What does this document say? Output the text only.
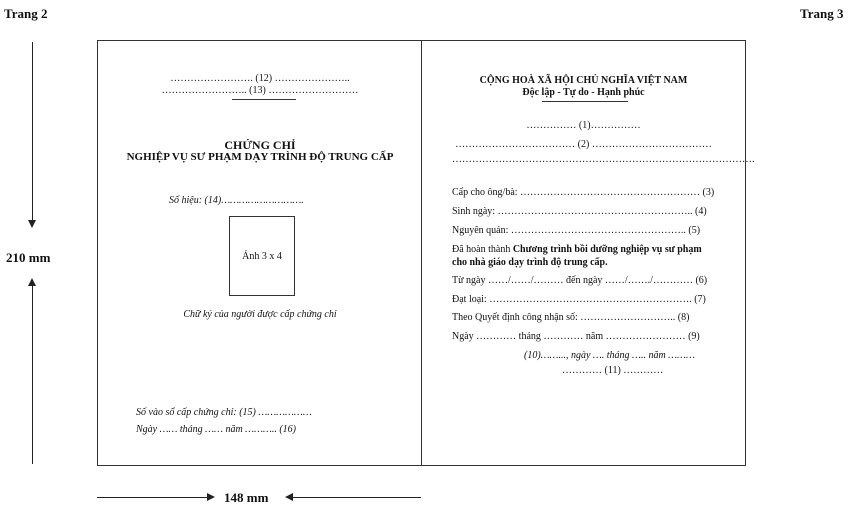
Trang 2	Trang 3
210 mm
148 mm
……………………. (12) …………………..
…………………….. (13) ………………………
CHỨNG CHỈ
NGHIỆP VỤ SƯ PHẠM DẠY TRÌNH ĐỘ TRUNG CẤP
Số hiệu: (14)……………………….
Ảnh 3 x 4
Chữ ký của người được cấp chứng chỉ
Số vào sổ cấp chứng chỉ: (15) ………………
Ngày …… tháng …… năm ……….. (16)
CỘNG HOÀ XÃ HỘI CHỦ NGHĨA VIỆT NAM
Độc lập - Tự do - Hạnh phúc
…………… (1)……………
……………………………… (2) ………………………………
……………………………………………………………………………….
Cấp cho ông/bà: ……………………………………………… (3)
Sinh ngày: ………………………………………………….. (4)
Nguyên quán: …………………………………………….. (5)
Đã hoàn thành Chương trình bồi dưỡng nghiệp vụ sư phạm
cho nhà giáo dạy trình độ trung cấp.
Từ ngày ……/……/……… đến ngày ……/……./………… (6)
Đạt loại: ……………………………………………………. (7)
Theo Quyết định công nhận số: ……………………….. (8)
Ngày ………… tháng ………… năm …………………… (9)
(10)……..., ngày …. tháng ….. năm ………
………… (11) …………
